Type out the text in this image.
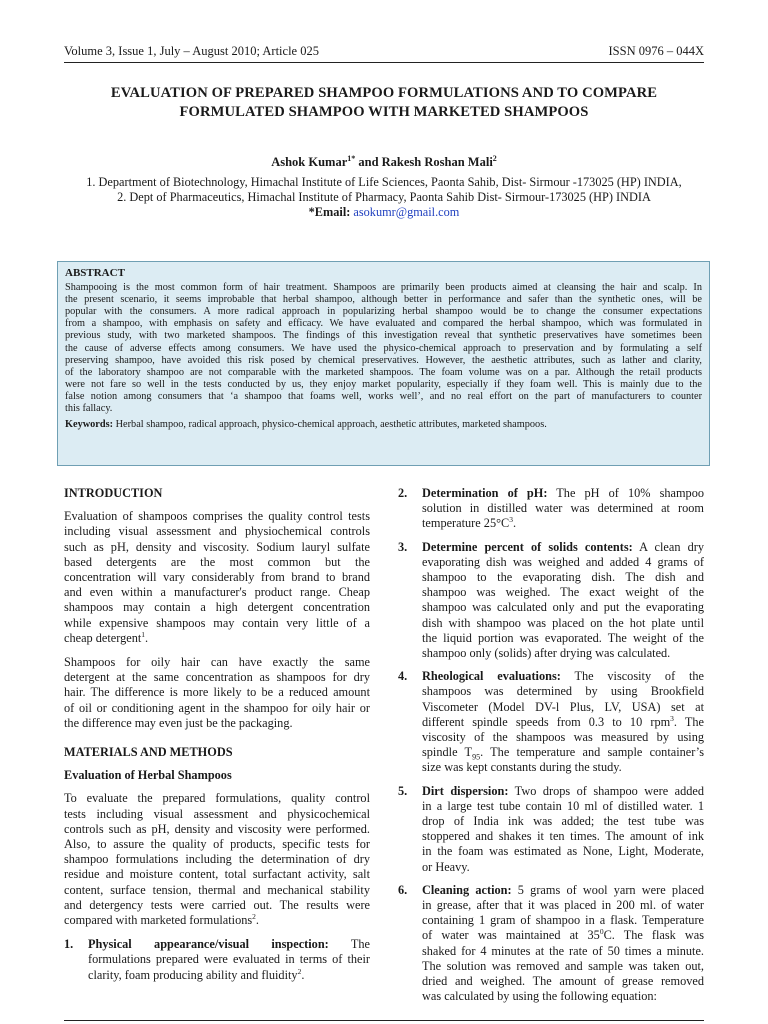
Volume 3, Issue 1, July – August 2010; Article 025	ISSN 0976 – 044X
EVALUATION OF PREPARED SHAMPOO FORMULATIONS AND TO COMPARE
FORMULATED SHAMPOO WITH MARKETED SHAMPOOS
Ashok Kumar$^{1*}$ and Rakesh Roshan Mali$^2$
1. Department of Biotechnology, Himachal Institute of Life Sciences, Paonta Sahib, Dist- Sirmour -173025 (HP) INDIA,
2. Dept of Pharmaceutics, Himachal Institute of Pharmacy, Paonta Sahib Dist- Sirmour-173025 (HP) INDIA
*Email: asokumr@gmail.com
ABSTRACT
Shampooing is the most common form of hair treatment. Shampoos are primarily been products aimed at cleansing the hair and scalp. In
the present scenario, it seems improbable that herbal shampoo, although better in performance and safer than the synthetic ones, will be
popular with the consumers. A more radical approach in popularizing herbal shampoo would be to change the consumer expectations
from a shampoo, with emphasis on safety and efficacy. We have evaluated and compared the herbal shampoo, which was formulated in
previous study, with two marketed shampoos. The findings of this investigation reveal that synthetic preservatives have sometimes been
the cause of adverse effects among consumers. We have used the physico-chemical approach to preservation and by formulating a self
preserving shampoo, have avoided this risk posed by chemical preservatives. However, the aesthetic attributes, such as lather and clarity,
of the laboratory shampoo are not comparable with the marketed shampoos. The foam volume was on a par. Although the retail products
were not fare so well in the tests conducted by us, they enjoy market popularity, especially if they foam well. This is mainly due to the
false notion among consumers that ‘a shampoo that foams well, works well’, and no real effort on the part of manufacturers to counter
this fallacy.
Keywords: Herbal shampoo, radical approach, physico-chemical approach, aesthetic attributes, marketed shampoos.
INTRODUCTION
Evaluation of shampoos comprises the quality control tests
including visual assessment and physiochemical controls
such as pH, density and viscosity. Sodium lauryl sulfate
based detergents are the most common but the
concentration will vary considerably from brand to brand
and even within a manufacturer's product range. Cheap
shampoos may contain a high detergent concentration
while expensive shampoos may contain very little of a
cheap detergent$^1$.
Shampoos for oily hair can have exactly the same
detergent at the same concentration as shampoos for dry
hair. The difference is more likely to be a reduced amount
of oil or conditioning agent in the shampoo for oily hair or
the difference may even just be the packaging.
MATERIALS AND METHODS
Evaluation of Herbal Shampoos
To evaluate the prepared formulations, quality control
tests including visual assessment and physicochemical
controls such as pH, density and viscosity were performed.
Also, to assure the quality of products, specific tests for
shampoo formulations including the determination of dry
residue and moisture content, total surfactant activity, salt
content, surface tension, thermal and mechanical stability
and detergency tests were carried out. The results were
compared with marketed formulations$^2$.
1.	Physical appearance/visual inspection: The
formulations prepared were evaluated in terms of their
clarity, foam producing ability and fluidity$^2$.
2.	Determination of pH: The pH of 10% shampoo
solution in distilled water was determined at room
temperature 25°C$^3$.
3.	Determine percent of solids contents: A clean dry
evaporating dish was weighed and added 4 grams of
shampoo to the evaporating dish. The dish and
shampoo was weighed. The exact weight of the
shampoo was calculated only and put the evaporating
dish with shampoo was placed on the hot plate until
the liquid portion was evaporated. The weight of the
shampoo only (solids) after drying was calculated.
4.	Rheological evaluations: The viscosity of the
shampoos was determined by using Brookfield
Viscometer (Model DV-l Plus, LV, USA) set at
different spindle speeds from 0.3 to 10 rpm$^3$. The
viscosity of the shampoos was measured by using
spindle $T_{95}$. The temperature and sample container’s
size was kept constants during the study.
5.	Dirt dispersion: Two drops of shampoo were added
in a large test tube contain 10 ml of distilled water. 1
drop of India ink was added; the test tube was
stoppered and shakes it ten times. The amount of ink
in the foam was estimated as None, Light, Moderate,
or Heavy.
6.	Cleaning action: 5 grams of wool yarn were placed
in grease, after that it was placed in 200 ml. of water
containing 1 gram of shampoo in a flask. Temperature
of water was maintained at 35$^0$C. The flask was
shaked for 4 minutes at the rate of 50 times a minute.
The solution was removed and sample was taken out,
dried and weighed. The amount of grease removed
was calculated by using the following equation:
